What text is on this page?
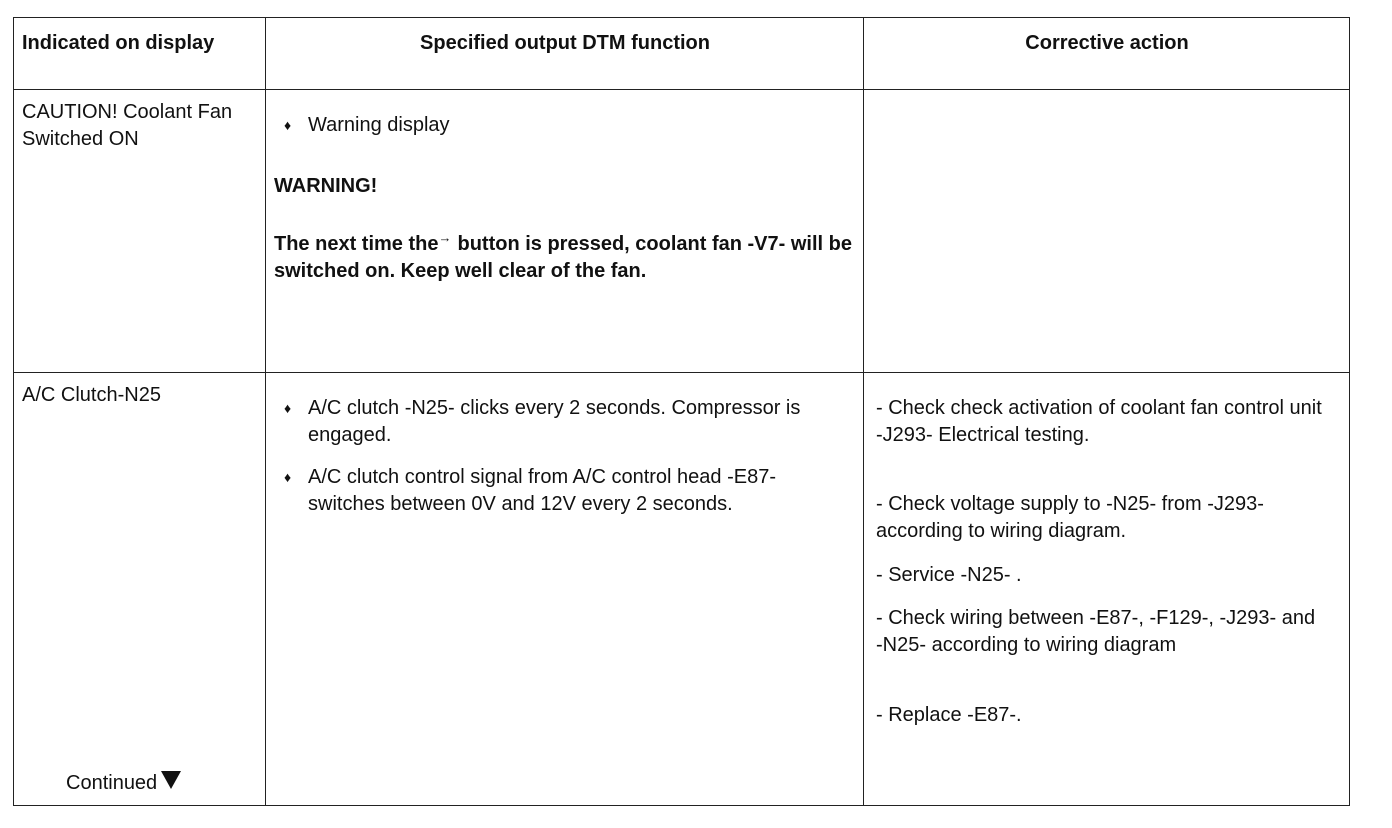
Indicated on display	Specified output DTM function	Corrective action
CAUTION! Coolant Fan Switched ON
♦ Warning display
WARNING!
The next time the→ button is pressed, coolant fan -V7- will be switched on. Keep well clear of the fan.
A/C Clutch-N25
♦ A/C clutch -N25- clicks every 2 seconds. Compressor is engaged.
♦ A/C clutch control signal from A/C control head -E87- switches between 0V and 12V every 2 seconds.
- Check check activation of coolant fan control unit -J293- Electrical testing.
- Check voltage supply to -N25- from -J293- according to wiring diagram.
- Service -N25- .
- Check wiring between -E87-, -F129-, -J293- and -N25- according to wiring diagram
- Replace -E87-.
Continued
